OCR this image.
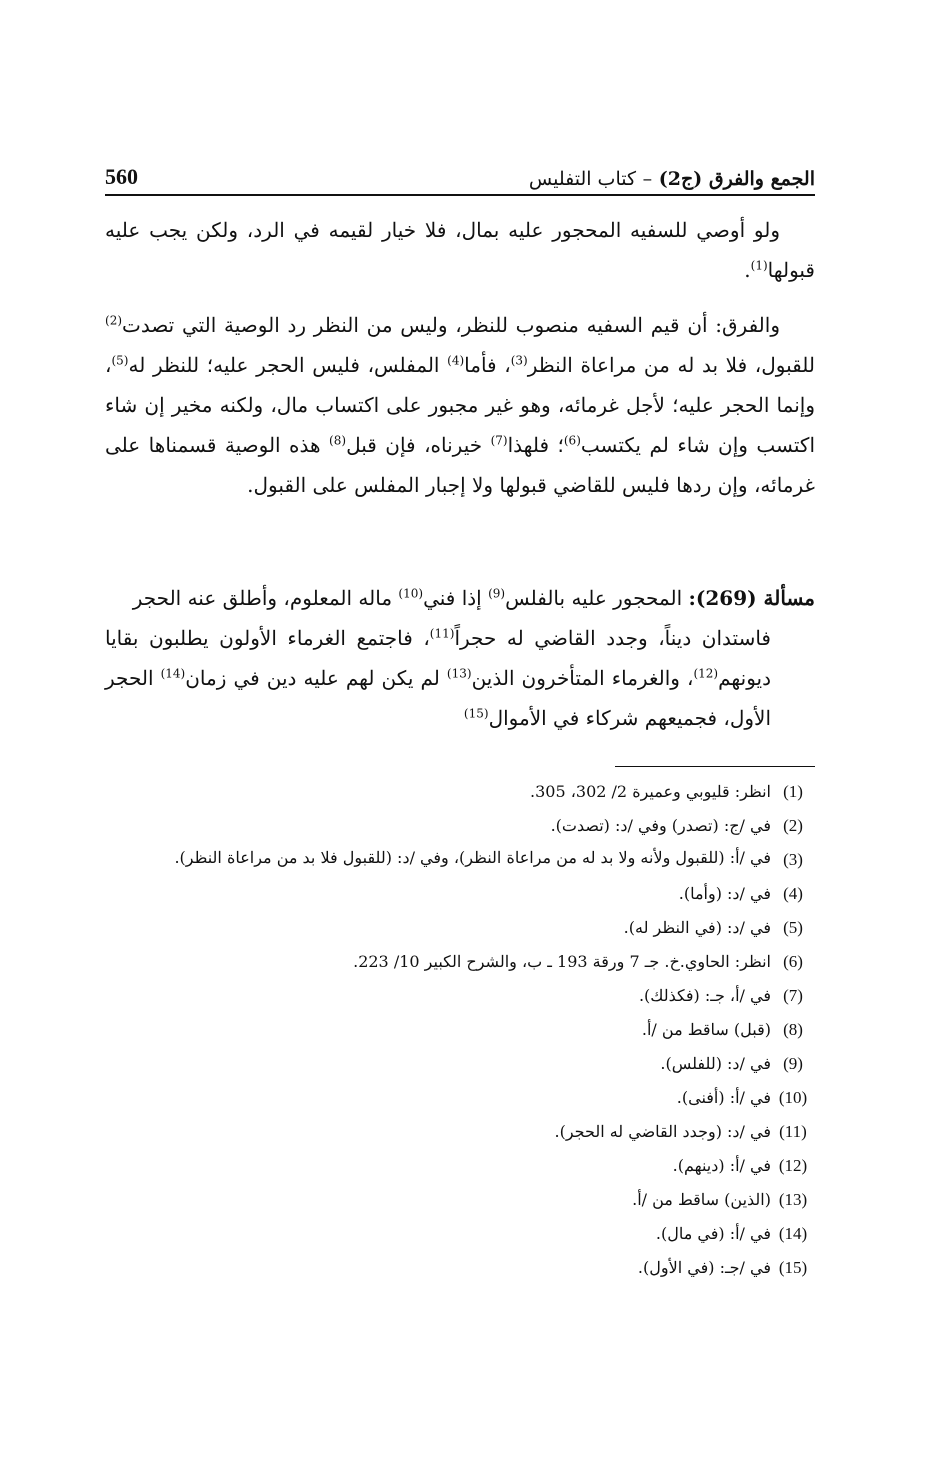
الجمع والفرق (ج2) – كتاب التفليس
560
ولو أوصي للسفيه المحجور عليه بمال، فلا خيار لقيمه في الرد، ولكن يجب عليه قبولها$^{(1)}$.
والفرق: أن قيم السفيه منصوب للنظر، وليس من النظر رد الوصية التي تصدت$^{(2)}$ للقبول، فلا بد له من مراعاة النظر$^{(3)}$، فأما$^{(4)}$ المفلس، فليس الحجر عليه؛ للنظر له$^{(5)}$، وإنما الحجر عليه؛ لأجل غرمائه، وهو غير مجبور على اكتساب مال، ولكنه مخير إن شاء اكتسب وإن شاء لم يكتسب$^{(6)}$؛ فلهذا$^{(7)}$ خيرناه، فإن قبل$^{(8)}$ هذه الوصية قسمناها على غرمائه، وإن ردها فليس للقاضي قبولها ولا إجبار المفلس على القبول.
مسألة (269): المحجور عليه بالفلس$^{(9)}$ إذا فني$^{(10)}$ ماله المعلوم، وأطلق عنه الحجر
فاستدان ديناً، وجدد القاضي له حجراً$^{(11)}$، فاجتمع الغرماء الأولون يطلبون بقايا ديونهم$^{(12)}$، والغرماء المتأخرون الذين$^{(13)}$ لم يكن لهم عليه دين في زمان$^{(14)}$ الحجر الأول، فجميعهم شركاء في الأموال$^{(15)}$
(1)
انظر: قليوبي وعميرة 2/ 302، 305.
(2)
في /ج: (تصدر) وفي /د: (تصدت).
(3)
في /أ: (للقبول ولأنه ولا بد له من مراعاة النظر)، وفي /د: (للقبول فلا بد من مراعاة النظر).
(4)
في /د: (وأما).
(5)
في /د: (في النظر له).
(6)
انظر: الحاوي.خ. جـ 7 ورقة 193 ـ ب، والشرح الكبير 10/ 223.
(7)
في /أ، جـ: (فكذلك).
(8)
(قبل) ساقط من /أ.
(9)
في /د: (للفلس).
(10)
في /أ: (أفنى).
(11)
في /د: (وجدد القاضي له الحجر).
(12)
في /أ: (دينهم).
(13)
(الذين) ساقط من /أ.
(14)
في /أ: (في مال).
(15)
في /جـ: (في الأول).
